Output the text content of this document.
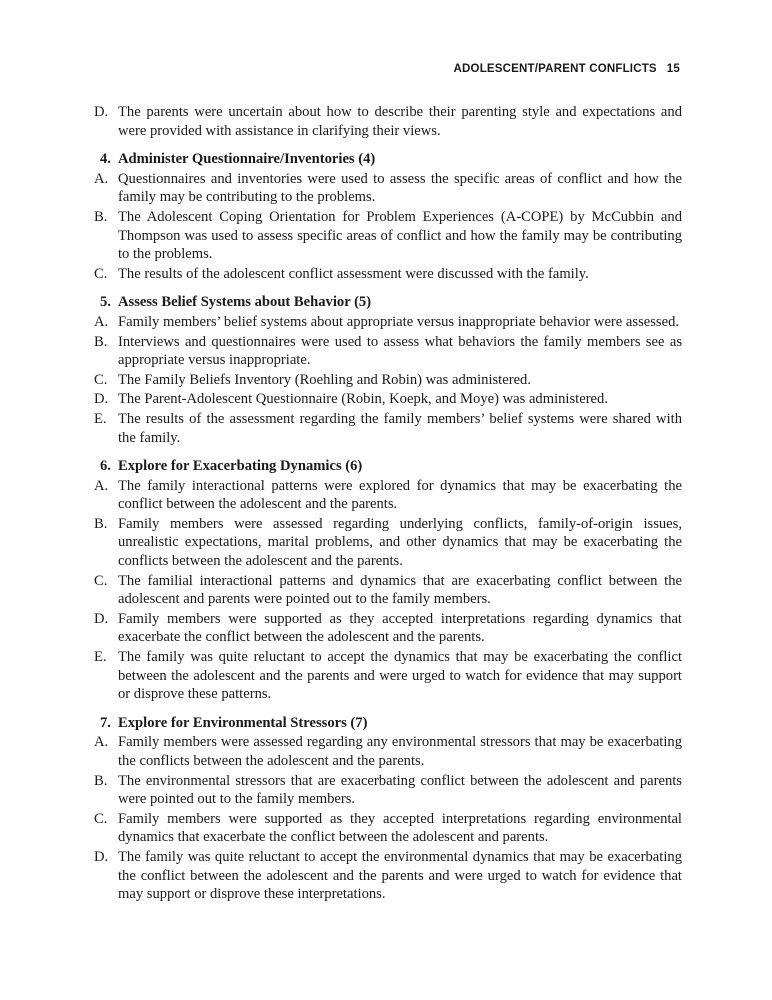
ADOLESCENT/PARENT CONFLICTS 15
D. The parents were uncertain about how to describe their parenting style and expectations and were provided with assistance in clarifying their views.
4. Administer Questionnaire/Inventories (4)
A. Questionnaires and inventories were used to assess the specific areas of conflict and how the family may be contributing to the problems.
B. The Adolescent Coping Orientation for Problem Experiences (A-COPE) by McCubbin and Thompson was used to assess specific areas of conflict and how the family may be contributing to the problems.
C. The results of the adolescent conflict assessment were discussed with the family.
5. Assess Belief Systems about Behavior (5)
A. Family members’ belief systems about appropriate versus inappropriate behavior were assessed.
B. Interviews and questionnaires were used to assess what behaviors the family members see as appropriate versus inappropriate.
C. The Family Beliefs Inventory (Roehling and Robin) was administered.
D. The Parent-Adolescent Questionnaire (Robin, Koepk, and Moye) was administered.
E. The results of the assessment regarding the family members’ belief systems were shared with the family.
6. Explore for Exacerbating Dynamics (6)
A. The family interactional patterns were explored for dynamics that may be exacerbating the conflict between the adolescent and the parents.
B. Family members were assessed regarding underlying conflicts, family-of-origin issues, unrealistic expectations, marital problems, and other dynamics that may be exacerbating the conflicts between the adolescent and the parents.
C. The familial interactional patterns and dynamics that are exacerbating conflict between the adolescent and parents were pointed out to the family members.
D. Family members were supported as they accepted interpretations regarding dynamics that exacerbate the conflict between the adolescent and the parents.
E. The family was quite reluctant to accept the dynamics that may be exacerbating the conflict between the adolescent and the parents and were urged to watch for evidence that may support or disprove these patterns.
7. Explore for Environmental Stressors (7)
A. Family members were assessed regarding any environmental stressors that may be exacerbating the conflicts between the adolescent and the parents.
B. The environmental stressors that are exacerbating conflict between the adolescent and parents were pointed out to the family members.
C. Family members were supported as they accepted interpretations regarding environmental dynamics that exacerbate the conflict between the adolescent and parents.
D. The family was quite reluctant to accept the environmental dynamics that may be exacerbating the conflict between the adolescent and the parents and were urged to watch for evidence that may support or disprove these interpretations.
